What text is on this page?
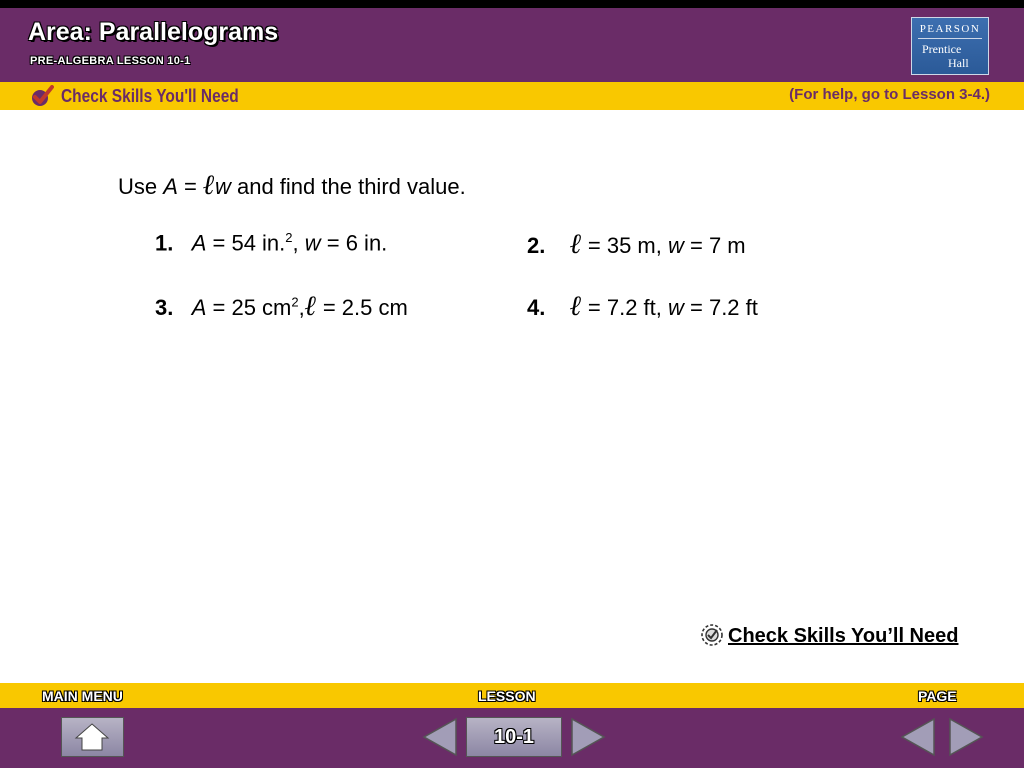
Area: Parallelograms
PRE-ALGEBRA LESSON 10-1
PEARSON
Prentice
Hall
Check Skills You'll Need	(For help, go to Lesson 3-4.)
Use A = ℓw and find the third value.
1. A = 54 in.$^2$, w = 6 in.	2. ℓ = 35 m, w = 7 m
3. A = 25 $cm^2,\ell = 2.5$ cm	4. ℓ = 7.2 ft, w = 7.2 ft
Check Skills You’ll Need
MAIN MENU	LESSON	PAGE
10-1
